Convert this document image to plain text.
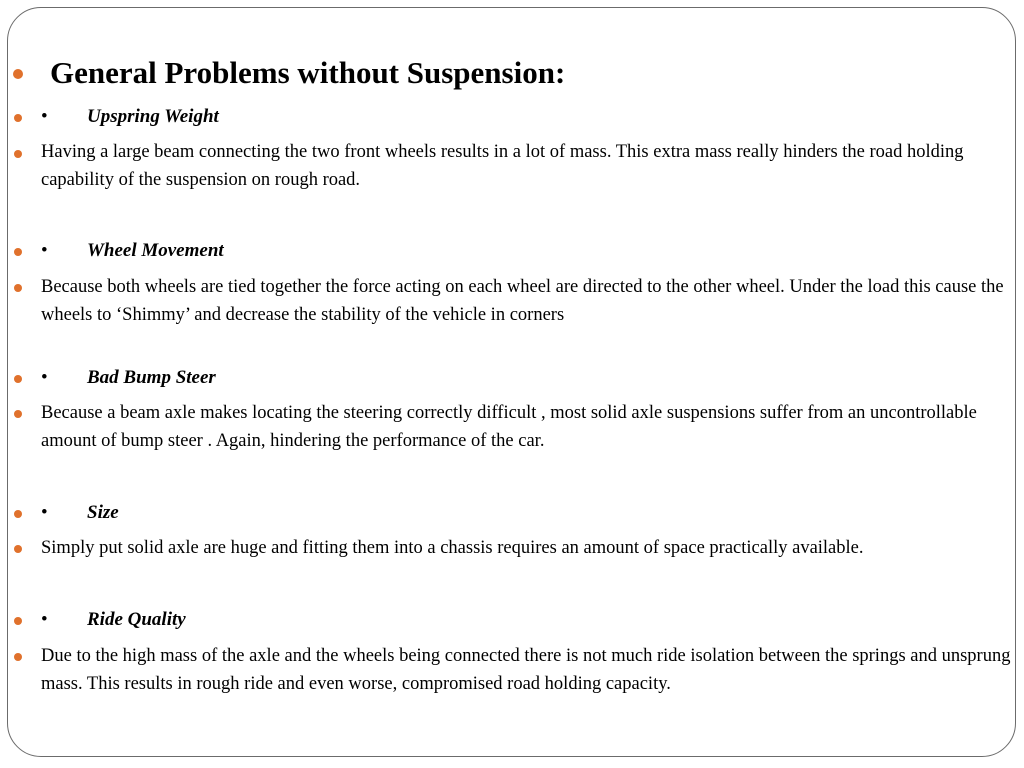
General Problems without Suspension:
• Upspring Weight
Having a large beam connecting the two front wheels results in a lot of mass. This extra mass really hinders the road holding capability of the suspension on rough road.
• Wheel Movement
Because both wheels are tied together the force acting on each wheel are directed to the other wheel. Under the load this cause the wheels to ‘Shimmy’ and decrease the stability of the vehicle in corners
• Bad Bump Steer
Because a beam axle makes locating the steering correctly difficult , most solid axle suspensions suffer from an uncontrollable amount of bump steer . Again, hindering the performance of the car.
• Size
Simply put solid axle are huge and fitting them into a chassis requires an amount of space practically available.
• Ride Quality
Due to the high mass of the axle and the wheels being connected there is not much ride isolation between the springs and unsprung mass. This results in rough ride and even worse, compromised road holding capacity.
